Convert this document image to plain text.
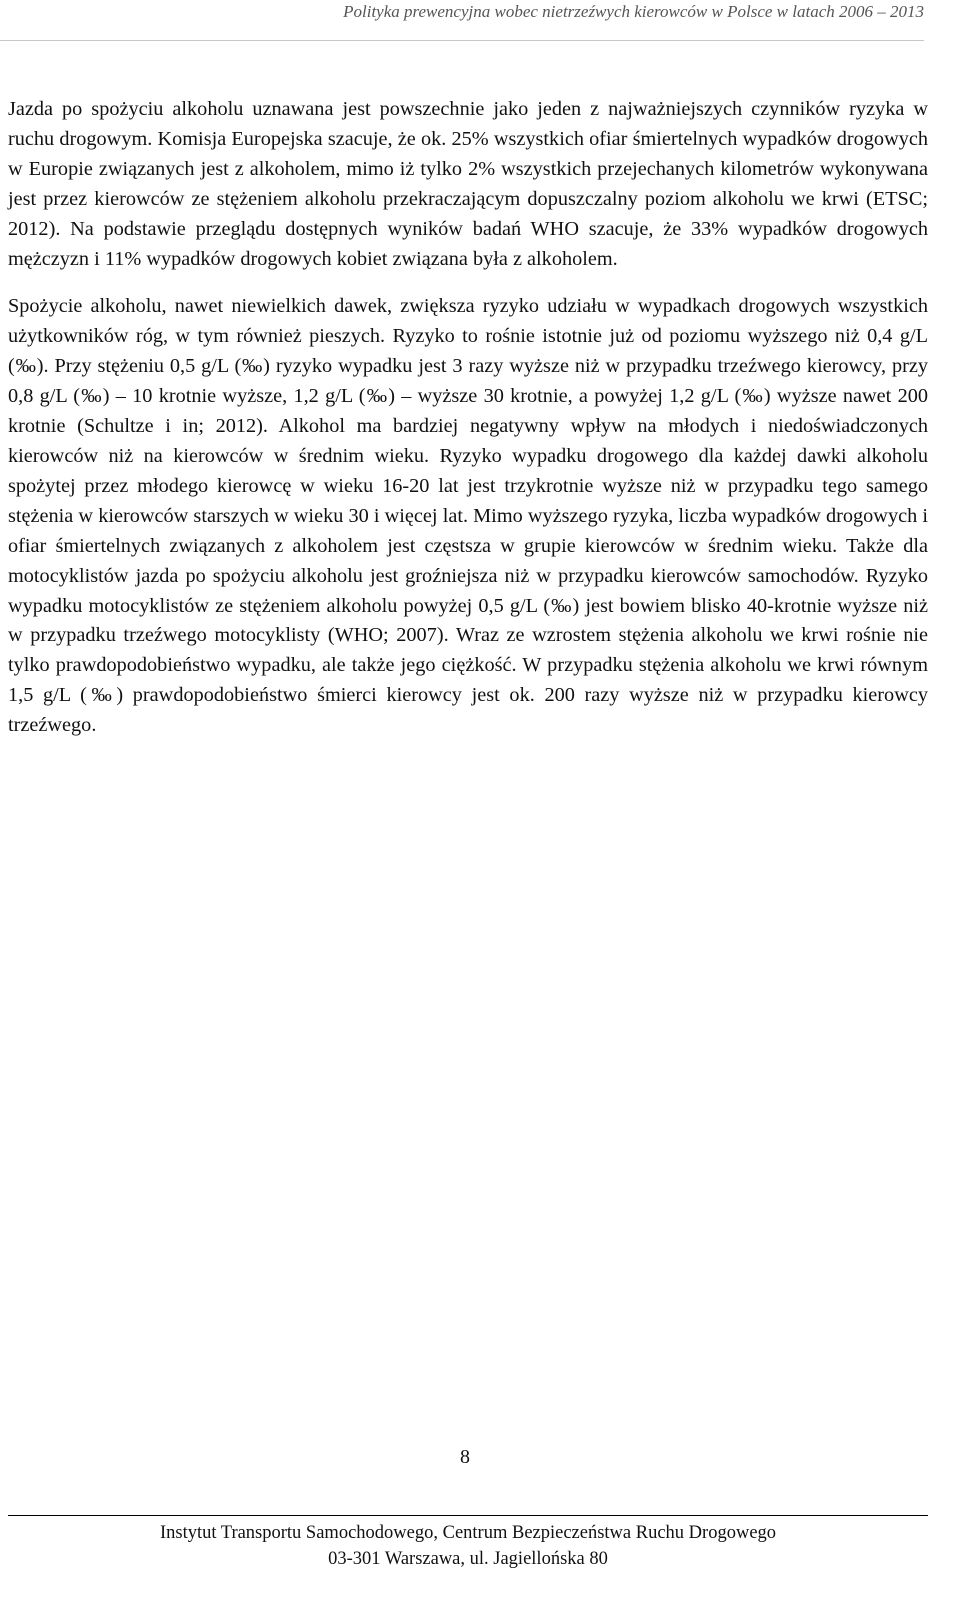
Polityka prewencyjna wobec nietrzeźwych kierowców w Polsce w latach 2006 – 2013

Jazda po spożyciu alkoholu uznawana jest powszechnie jako jeden z najważniejszych czynników ryzyka w ruchu drogowym. Komisja Europejska szacuje, że ok. 25% wszystkich ofiar śmiertelnych wypadków drogowych w Europie związanych jest z alkoholem, mimo iż tylko 2% wszystkich przejechanych kilometrów wykonywana jest przez kierowców ze stężeniem alkoholu przekraczającym dopuszczalny poziom alkoholu we krwi (ETSC; 2012). Na podstawie przeglądu dostępnych wyników badań WHO szacuje, że 33% wypadków drogowych mężczyzn i 11% wypadków drogowych kobiet związana była z alkoholem.

Spożycie alkoholu, nawet niewielkich dawek, zwiększa ryzyko udziału w wypadkach drogowych wszystkich użytkowników róg, w tym również pieszych. Ryzyko to rośnie istotnie już od poziomu wyższego niż 0,4 g/L (‰). Przy stężeniu 0,5 g/L (‰) ryzyko wypadku jest 3 razy wyższe niż w przypadku trzeźwego kierowcy, przy 0,8 g/L (‰) – 10 krotnie wyższe, 1,2 g/L (‰) – wyższe 30 krotnie, a powyżej 1,2 g/L (‰) wyższe nawet 200 krotnie (Schultze i in; 2012). Alkohol ma bardziej negatywny wpływ na młodych i niedoświadczonych kierowców niż na kierowców w średnim wieku. Ryzyko wypadku drogowego dla każdej dawki alkoholu spożytej przez młodego kierowcę w wieku 16-20 lat jest trzykrotnie wyższe niż w przypadku tego samego stężenia w kierowców starszych w wieku 30 i więcej lat. Mimo wyższego ryzyka, liczba wypadków drogowych i ofiar śmiertelnych związanych z alkoholem jest częstsza w grupie kierowców w średnim wieku. Także dla motocyklistów jazda po spożyciu alkoholu jest groźniejsza niż w przypadku kierowców samochodów. Ryzyko wypadku motocyklistów ze stężeniem alkoholu powyżej 0,5 g/L (‰) jest bowiem blisko 40-krotnie wyższe niż w przypadku trzeźwego motocyklisty (WHO; 2007). Wraz ze wzrostem stężenia alkoholu we krwi rośnie nie tylko prawdopodobieństwo wypadku, ale także jego ciężkość. W przypadku stężenia alkoholu we krwi równym 1,5 g/L (‰) prawdopodobieństwo śmierci kierowcy jest ok. 200 razy wyższe niż w przypadku kierowcy trzeźwego.

8
Instytut Transportu Samochodowego, Centrum Bezpieczeństwa Ruchu Drogowego
03-301 Warszawa, ul. Jagiellońska 80
